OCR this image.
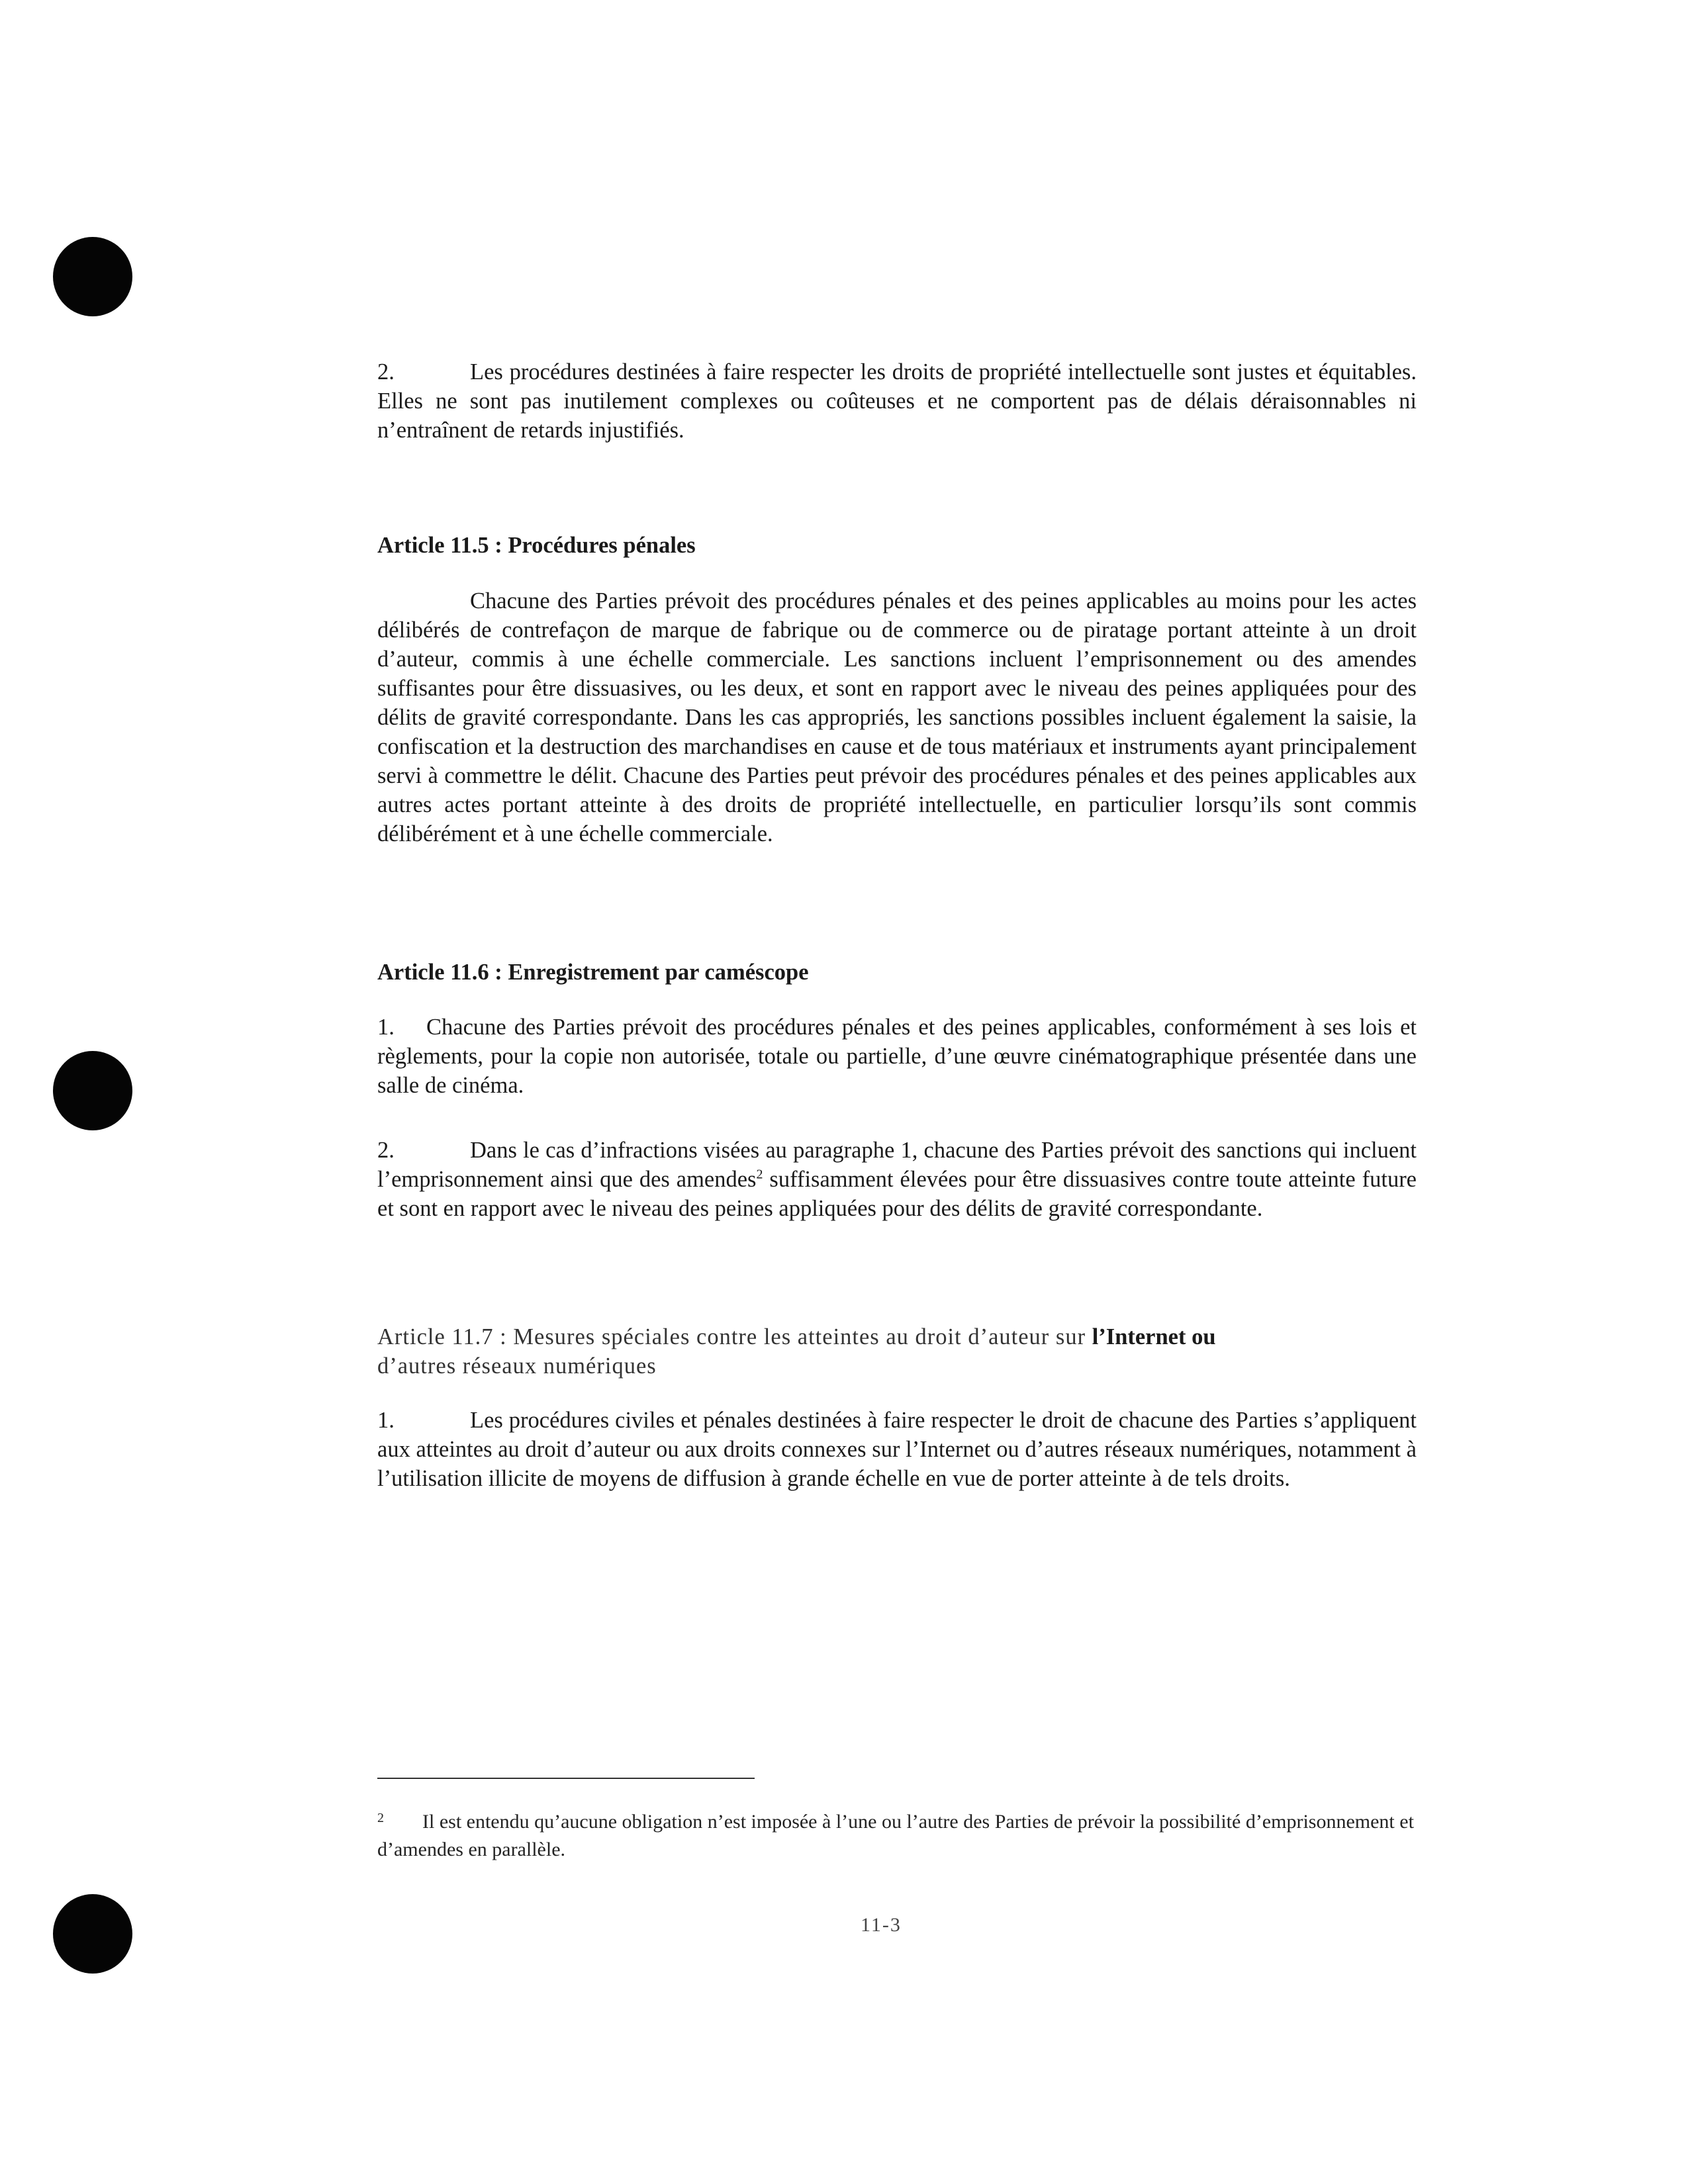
2.	Les procédures destinées à faire respecter les droits de propriété intellectuelle sont justes et équitables. Elles ne sont pas inutilement complexes ou coûteuses et ne comportent pas de délais déraisonnables ni n’entraînent de retards injustifiés.

Article 11.5 : Procédures pénales

Chacune des Parties prévoit des procédures pénales et des peines applicables au moins pour les actes délibérés de contrefaçon de marque de fabrique ou de commerce ou de piratage portant atteinte à un droit d’auteur, commis à une échelle commerciale. Les sanctions incluent l’emprisonnement ou des amendes suffisantes pour être dissuasives, ou les deux, et sont en rapport avec le niveau des peines appliquées pour des délits de gravité correspondante. Dans les cas appropriés, les sanctions possibles incluent également la saisie, la confiscation et la destruction des marchandises en cause et de tous matériaux et instruments ayant principalement servi à commettre le délit. Chacune des Parties peut prévoir des procédures pénales et des peines applicables aux autres actes portant atteinte à des droits de propriété intellectuelle, en particulier lorsqu’ils sont commis délibérément et à une échelle commerciale.

Article 11.6 : Enregistrement par caméscope

1. Chacune des Parties prévoit des procédures pénales et des peines applicables, conformément à ses lois et règlements, pour la copie non autorisée, totale ou partielle, d’une œuvre cinématographique présentée dans une salle de cinéma.

2.	Dans le cas d’infractions visées au paragraphe 1, chacune des Parties prévoit des sanctions qui incluent l’emprisonnement ainsi que des amendes$^2$ suffisamment élevées pour être dissuasives contre toute atteinte future et sont en rapport avec le niveau des peines appliquées pour des délits de gravité correspondante.

Article 11.7 : Mesures spéciales contre les atteintes au droit d’auteur sur l’Internet ou
d’autres réseaux numériques

1.	Les procédures civiles et pénales destinées à faire respecter le droit de chacune des Parties s’appliquent aux atteintes au droit d’auteur ou aux droits connexes sur l’Internet ou d’autres réseaux numériques, notamment à l’utilisation illicite de moyens de diffusion à grande échelle en vue de porter atteinte à de tels droits.

2 Il est entendu qu’aucune obligation n’est imposée à l’une ou l’autre des Parties de prévoir la possibilité d’emprisonnement et d’amendes en parallèle.

11-3
